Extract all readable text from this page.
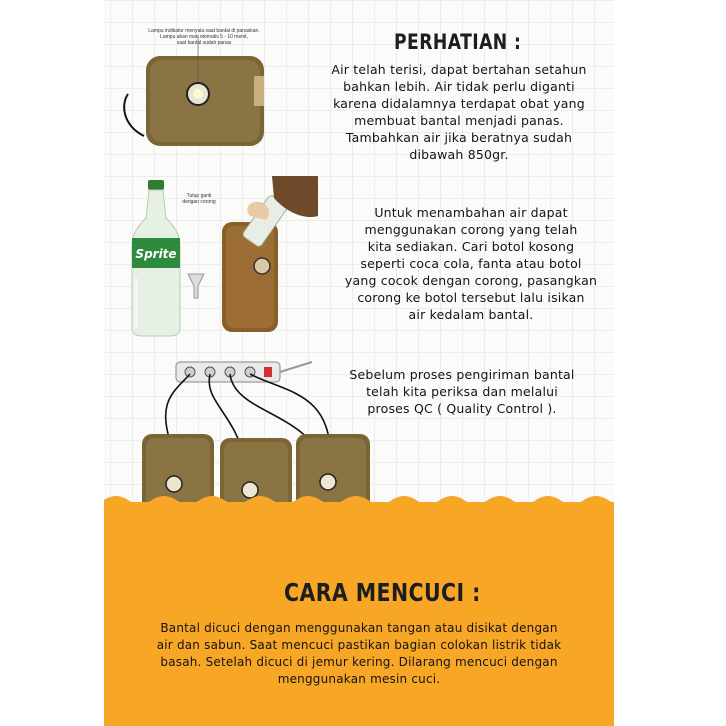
Lampu indikator menyala saat bantal di panaskan.
Lampu akan mati otomatis 5 - 10 menit,
saat bantal sudah panas	PERHATIAN :
Air telah terisi, dapat bertahan setahun
bahkan lebih. Air tidak perlu diganti
karena didalamnya terdapat obat yang
membuat bantal menjadi panas.
Tambahkan air jika beratnya sudah
dibawah 850gr.
Sprite
Tutup ganti
dengan corong
Untuk menambahan air dapat
menggunakan corong yang telah
kita sediakan. Cari botol kosong
seperti coca cola, fanta atau botol
yang cocok dengan corong, pasangkan
corong ke botol tersebut lalu isikan
air kedalam bantal.
Sebelum proses pengiriman bantal
telah kita periksa dan melalui
proses QC ( Quality Control ).
CARA MENCUCI :
Bantal dicuci dengan menggunakan tangan atau disikat dengan
air dan sabun. Saat mencuci pastikan bagian colokan listrik tidak
basah. Setelah dicuci di jemur kering. Dilarang mencuci dengan
menggunakan mesin cuci.
